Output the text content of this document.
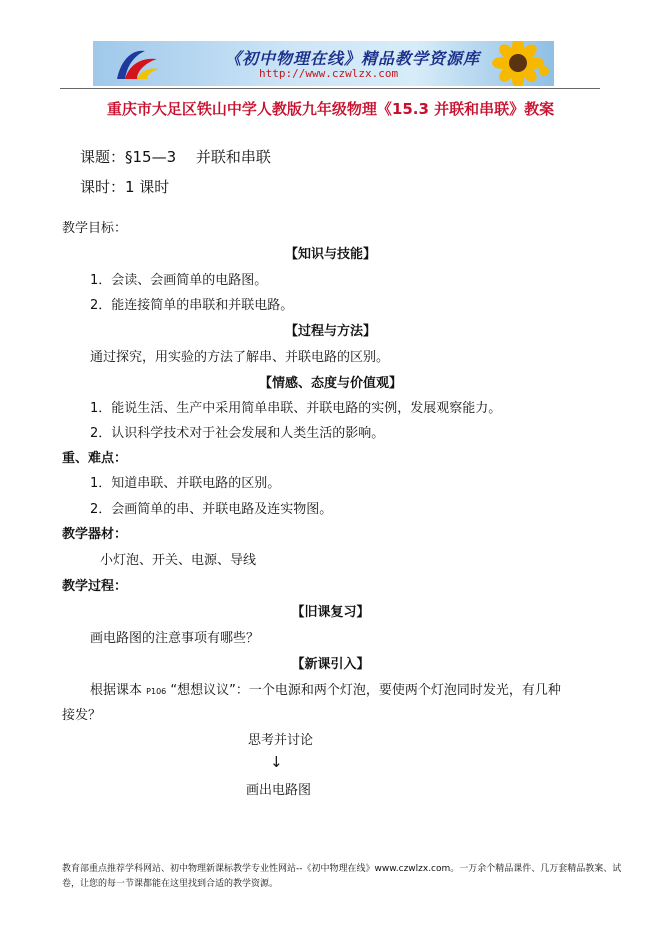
《初中物理在线》精品教学资源库
http://www.czwlzx.com
重庆市大足区铁山中学人教版九年级物理《15.3 并联和串联》教案
课题：§15—3　 并联和串联
课时：1 课时
教学目标：
【知识与技能】
1．会读、会画简单的电路图。
2．能连接简单的串联和并联电路。
【过程与方法】
通过探究，用实验的方法了解串、并联电路的区别。
【情感、态度与价值观】
1．能说生活、生产中采用简单串联、并联电路的实例，发展观察能力。
2．认识科学技术对于社会发展和人类生活的影响。
重、难点：
1．知道串联、并联电路的区别。
2．会画简单的串、并联电路及连实物图。
教学器材：
小灯泡、开关、电源、导线
教学过程：
【旧课复习】
画电路图的注意事项有哪些？
【新课引入】
根据课本 P106 “想想议议”：一个电源和两个灯泡，要使两个灯泡同时发光，有几种
接发？
思考并讨论
↓
画出电路图
教育部重点推荐学科网站、初中物理新课标教学专业性网站--《初中物理在线》www.czwlzx.com。一万余个精品课件、几万套精品教案、试卷，让您的每一节课都能在这里找到合适的教学资源。
